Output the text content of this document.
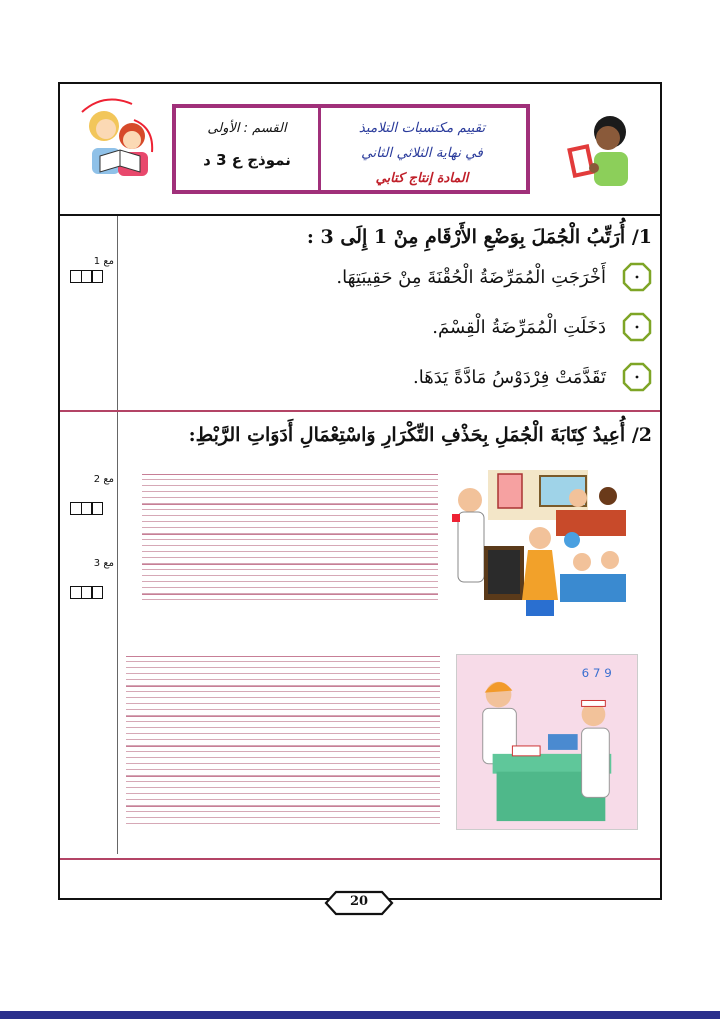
تقييم مكتسبات التلاميذ
في نهاية الثلاثي الثاني
المادة إنتاج كتابي
القسم : الأولى
نموذج ع 3 د
1/ أُرَتِّبُ الْجُمَلَ بِوَضْعِ الأَرْقَامِ مِنْ 1 إِلَى 3 :
أَخْرَجَتِ الْمُمَرِّضَةُ الْحُقْنَةَ مِنْ حَقِيبَتِهَا.
دَخَلَتِ الْمُمَرِّضَةُ الْقِسْمَ.
تَقَدَّمَتْ فِرْدَوْسُ مَادَّةً يَدَهَا.
مع 1
2/ أُعِيدُ كِتَابَةَ الْجُمَلِ بِحَذْفِ التِّكْرَارِ وَاسْتِعْمَالِ أَدَوَاتِ الرَّبْطِ:
مع 2
مع 3
6 7 9
20
